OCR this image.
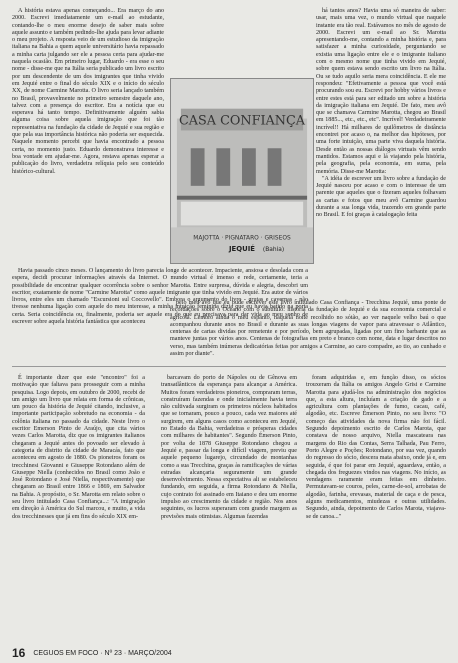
A história estava apenas começando... Era março do ano 2000. Escrevi imediatamente um e-mail ao estudante, contando-lhe o meu enorme desejo de saber mais sobre aquele assunto e também pedindo-lhe ajuda para levar adiante o meu projeto. A resposta veio de um estudioso da imigração italiana na Bahia a quem aquele universitário havia repassado a minha carta julgando ser ele a pessoa certa para ajudar-me naquela ocasião. Em primeiro lugar, Eduardo - era esse o seu nome - disse-me que na Itália seria publicado um livro escrito por um descendente de um dos imigrantes que tinha vivido em Jequié entre o final do século XIX e o início do século XX, de nome Carmine Marotta. O livro seria lançado também no Brasil, provavelmente no primeiro semestre daquele ano, talvez com a presença do escritor. Era a notícia que eu esperava há tanto tempo. Definitivamente alguém sabia alguma coisa sobre aquela imigração que foi tão representativa na fundação da cidade de Jequié e sua região e que pela sua importância histórica não poderia ser esquecida. Naquele momento percebi que havia encontrado a pessoa certa, no momento justo. Eduardo demonstrava interesse e boa vontade em ajudar-me. Agora, restava apenas esperar a publicação do livro, verdadeira relíquia pelo seu conteúdo histórico-cultural.

Havia passado cinco meses. O lançamento do livro parecia longe de acontecer. Impaciente, ansiosa e desolada com a espera, decidi procurar informações através da Internet. O mundo virtual é imenso e rede, certamente, teria a possibilidade de encontrar qualquer ocorrência sobre o senhor Marotta. Entre surpresa, dúvida e alegria, descobri um escritor, exatamente de nome "Carmine Marotta" como aquele imigrante que tinha vivido em Jequié. Era autor de vários livros, entre eles um chamado "Escursioni sul Coccovello". Embora o argumento do livro - grutas e cavernas - não tivesse nenhuma ligação com aquele do meu interesse, a minha intuição feminina dizia que eu havia batido na porta certa. Seria coincidência ou, finalmente, poderia ser aquele era do que eu precisava para dar vida ao meu sonho de escrever sobre aquela história fantástica que aconteceu

CASA CONFIANÇA
MAJOTTA · PIGNATARO · GRISEOS
JEQUIÉ (Bahia)

há tantos anos? Havia uma só maneira de saber: usar, mais uma vez, o mundo virtual que naquele instante era tão real. Estávamos no mês de agosto de 2000. Escrevi um e-mail ao Sr. Marotta apresentando-me, contando a minha história e, para satisfazer a minha curiosidade, perguntando se existia uma ligação entre ele e o imigrante italiano com o mesmo nome que tinha vivido em Jequié, sobre quem estava sendo escrito um livro na Itália. Ou se tudo aquilo seria mera coincidência. E ele me respondeu: "Efetivamente a pessoa que você está procurando sou eu. Escrevi por hobby vários livros e entre estes está para ser editado um sobre a história da imigração italiana em Jequié. De fato, meu avô que se chamava Carmine Marotta, chegou ao Brasil em 1885..., etc., etc., etc". Incrível! Verdadeiramente incrível!! Há milhares de quilômetros de distância encontrei por acaso o, na melhor das hipóteses, por uma forte intuição, uma parte viva daquela história. Desde então as nossas diálogos virtuais vêm sendo mantidos. Estamos aqui e lá viajando pela história, pela geografia, pela economia, em suma, pela memória. Disse-me Marotta:

"A idéia de escrever um livro sobre a fundação de Jequié nasceu por acaso e com o interesse de um parente que aqueles que o fizeram aqueles folhavam as cartas e fotos que meu avô Carmine guardou durante a sua longa vida, trazendo em grande parte no Brasil. E foi graças à catalogação feita

pelo meu avô que eu pude escrever este livro intitulado Casa Confiança - Trecchina Jequié, uma ponte de recordações sobre o Oceano com o subtítulo: história da fundação de Jequié e da sua economia comercial e agrícola. Lembro ainda o meu espanto, naquela noite recolhido no sótão, ao ver naquele velho baú o que acompanhou durante anos no Brasil e durante as suas longas viagens de vapor para atravessar o Atlântico, centenas de cartas dividas por remetente e por período, bem agrupadas, ligadas por um fino barbante que as manteve juntas por vários anos. Centenas de fotografias em preto e branco com nome, data e lugar descritos no verso, mas também inúmeras dedicatórias feitas por amigos a Carmine, ao caro compadre, ao tio, ao cunhado e assim por diante".

É importante dizer que este "encontro" foi a motivação que faltava para prosseguir com a minha pesquisa. Logo depois, em outubro de 2000, recebi de um amigo um livro que relata em forma de crônicas, um pouco da história de Jequié citando, inclusive, a importante participação sobretudo na economia - da colônia italiana no passado da cidade. Neste livro o escritor Emerson Pinto de Araújo, que cita vários vezes Carlos Marotta, diz que os imigrantes italianos chegaram a Jequié antes do povoado ser elevado à categoria de distrito da cidade de Maracás, fato que aconteceu em agosto de 1880. Os pioneiros foram os trecchinesi Giovanni e Giuseppe Rotondano além de Giuseppe Niella (conhecidos no Brasil como João e José Rotondano e José Niella, respectivamente) que chegaram ao Brasil entre 1866 e 1869, em Salvador na Bahia. A propósito, o Sr. Marotta em relato sobre o seu livro intitulado Casa Confiança...: "A imigração em direção à América do Sul marcou, e muito, a vida dos trecchinesses que já em fins do século XIX em-

barcavam do porto de Nápoles ou de Gênova em transatlânticos da esperança para alcançar a América. Muitos foram verdadeiros pioneiros, compraram terras, construíram fazendas e onde inicialmente havia terra não cultivada surgiram os primeiros núcleos habitados que se tornaram, pouco a pouco, cada vez maiores até surgirem, em alguns casos como aconteceu em Jequié, no Estado da Bahia, verdadeiras e prósperas cidades com milhares de habitantes". Segundo Émerson Pinto, por volta de 1878 Giuseppe Rotondano chegou a Jequié e, passar da longa e difícil viagem, previu que aquele pequeno lugarejo, circundado de montanhas como a sua Trecchina, graças às ramificações de várias estradas alcançaria seguramente um grande desenvolvimento. Nessa expectativa ali se estabeleceu fundando, em seguida, a firma Rotondano & Niella, cujo contrato foi assinado em Itaiano e deu um enorme impulso ao crescimento da cidade e região. Nos anos seguintes, os lucros superaram com grande margem as previsões mais otimistas. Algumas fazendas

foram adquiridas e, em função disso, os sócios trouxeram da Itália os amigos Angelo Grisi e Carmine Marotta para ajudá-los na administração dos negócios que, a esta altura, incluíam a criação de gado e a agricultura com plantações de fumo, cacau, café, algodão, etc. Escreve Émerson Pinto, no seu livro: "O começo das atividades da nova firma não foi fácil. Segundo depoimento escrito de Carlos Marota, que constava de nosso arquivo, Niella mascateara nas margens do Rio das Contas, Serra Talhada, Pau Ferro, Porto Alegre e Poções; Rotondano, por sua vez, quando do regresso do sócio, descera mata abaixo, onde já e, em seguida, é que foi parar em Jequié, aguardava, então, a chegada dos freguezes vindos nas viagens. No início, as vendagens raramente eram feitas em dinheiro. Permutavam-se couros, peles, carne-de-sol, arrobatas de algodão, farinha, erevasas, material de caça e de pesca, alguns medicamentos, miudezas e outras utilidades. Segundo, ainda, depoimento de Carlos Marota, viajava-se de canoa..."

16 CEGUOS EM FOCO · Nº 23 · MARÇO/2004
